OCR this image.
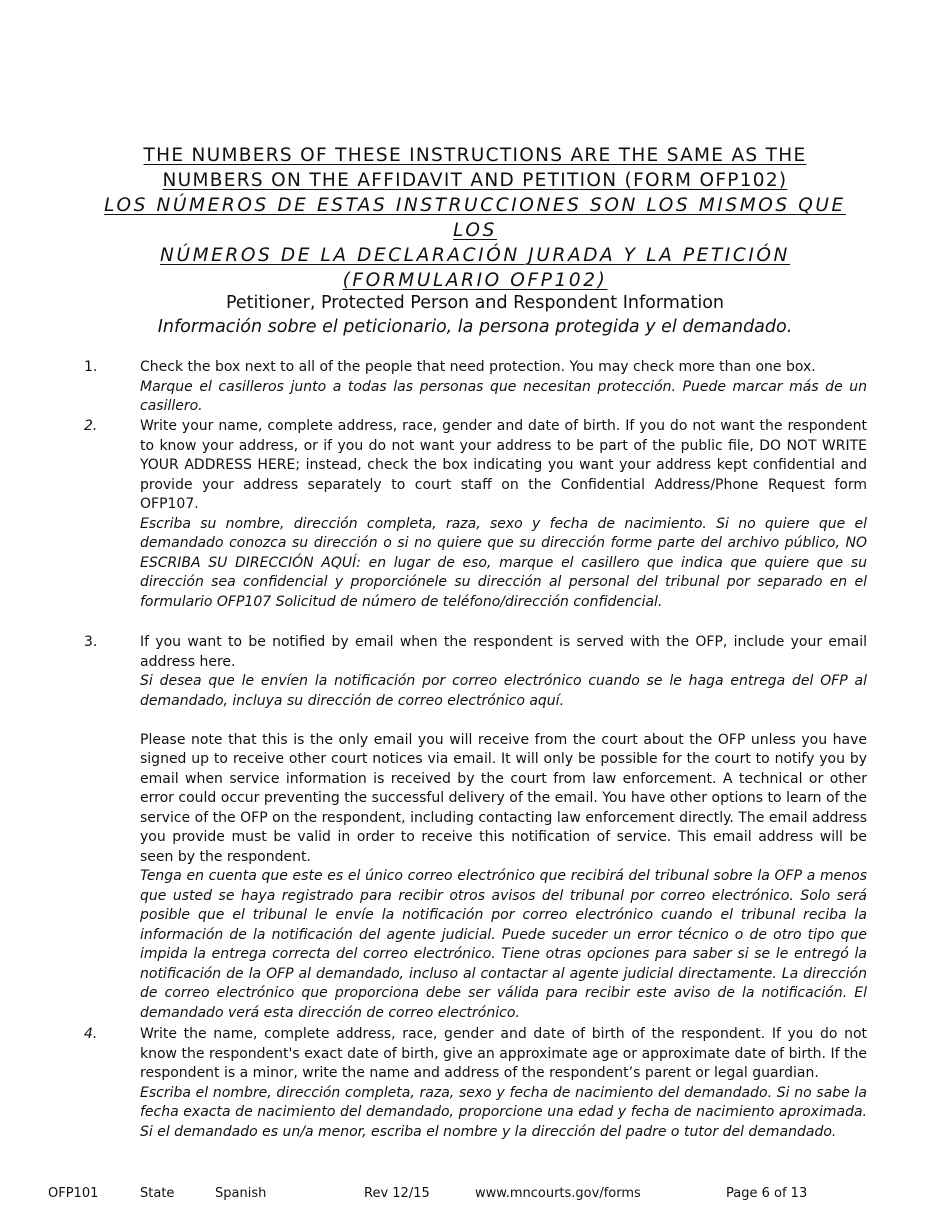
THE NUMBERS OF THESE INSTRUCTIONS ARE THE SAME AS THE
NUMBERS ON THE AFFIDAVIT AND PETITION (FORM OFP102)
LOS NÚMEROS DE ESTAS INSTRUCCIONES SON LOS MISMOS QUE LOS
NÚMEROS DE LA DECLARACIÓN JURADA Y LA PETICIÓN
(FORMULARIO OFP102)
Petitioner, Protected Person and Respondent Information
Información sobre el peticionario, la persona protegida y el demandado.
1.	Check the box next to all of the people that need protection. You may check more than one box.

Marque el casilleros junto a todas las personas que necesitan protección. Puede marcar más de un casillero.

2.	Write your name, complete address, race, gender and date of birth. If you do not want the respondent to know your address, or if you do not want your address to be part of the public file, DO NOT WRITE YOUR ADDRESS HERE; instead, check the box indicating you want your address kept confidential and provide your address separately to court staff on the Confidential Address/Phone Request form OFP107.

Escriba su nombre, dirección completa, raza, sexo y fecha de nacimiento. Si no quiere que el demandado conozca su dirección o si no quiere que su dirección forme parte del archivo público, NO ESCRIBA SU DIRECCIÓN AQUÍ: en lugar de eso, marque el casillero que indica que quiere que su dirección sea confidencial y proporciónele su dirección al personal del tribunal por separado en el formulario OFP107 Solicitud de número de teléfono/dirección confidencial.

3.	If you want to be notified by email when the respondent is served with the OFP, include your email address here.

Si desea que le envíen la notificación por correo electrónico cuando se le haga entrega del OFP al demandado, incluya su dirección de correo electrónico aquí.

Please note that this is the only email you will receive from the court about the OFP unless you have signed up to receive other court notices via email. It will only be possible for the court to notify you by email when service information is received by the court from law enforcement. A technical or other error could occur preventing the successful delivery of the email. You have other options to learn of the service of the OFP on the respondent, including contacting law enforcement directly. The email address you provide must be valid in order to receive this notification of service. This email address will be seen by the respondent.

Tenga en cuenta que este es el único correo electrónico que recibirá del tribunal sobre la OFP a menos que usted se haya registrado para recibir otros avisos del tribunal por correo electrónico. Solo será posible que el tribunal le envíe la notificación por correo electrónico cuando el tribunal reciba la información de la notificación del agente judicial. Puede suceder un error técnico o de otro tipo que impida la entrega correcta del correo electrónico. Tiene otras opciones para saber si se le entregó la notificación de la OFP al demandado, incluso al contactar al agente judicial directamente. La dirección de correo electrónico que proporciona debe ser válida para recibir este aviso de la notificación. El demandado verá esta dirección de correo electrónico.

4.	Write the name, complete address, race, gender and date of birth of the respondent. If you do not know the respondent's exact date of birth, give an approximate age or approximate date of birth. If the respondent is a minor, write the name and address of the respondent’s parent or legal guardian.

Escriba el nombre, dirección completa, raza, sexo y fecha de nacimiento del demandado. Si no sabe la fecha exacta de nacimiento del demandado, proporcione una edad y fecha de nacimiento aproximada. Si el demandado es un/a menor, escriba el nombre y la dirección del padre o tutor del demandado.

OFP101	State	Spanish	Rev 12/15	www.mncourts.gov/forms	Page 6 of 13
